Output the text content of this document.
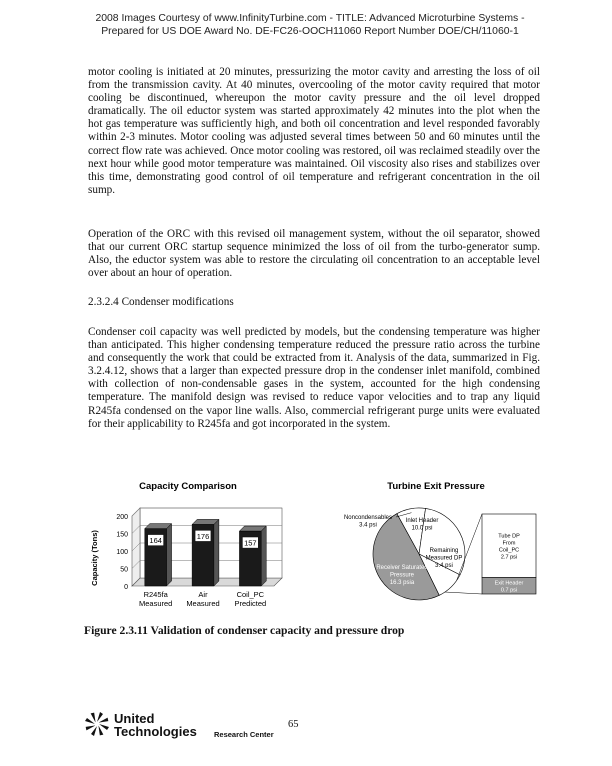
2008 Images Courtesy of www.InfinityTurbine.com - TITLE: Advanced Microturbine Systems -
Prepared for US DOE Award No. DE-FC26-OOCH11060 Report Number DOE/CH/11060-1

motor cooling is initiated at 20 minutes, pressurizing the motor cavity and arresting the loss of oil from the transmission cavity. At 40 minutes, overcooling of the motor cavity required that motor cooling be discontinued, whereupon the motor cavity pressure and the oil level dropped dramatically. The oil eductor system was started approximately 42 minutes into the plot when the hot gas temperature was sufficiently high, and both oil concentration and level responded favorably within 2-3 minutes. Motor cooling was adjusted several times between 50 and 60 minutes until the correct flow rate was achieved. Once motor cooling was restored, oil was reclaimed steadily over the next hour while good motor temperature was maintained. Oil viscosity also rises and stabilizes over this time, demonstrating good control of oil temperature and refrigerant concentration in the oil sump.

Operation of the ORC with this revised oil management system, without the oil separator, showed that our current ORC startup sequence minimized the loss of oil from the turbo-generator sump. Also, the eductor system was able to restore the circulating oil concentration to an acceptable level over about an hour of operation.

2.3.2.4 Condenser modifications

Condenser coil capacity was well predicted by models, but the condensing temperature was higher than anticipated. This higher condensing temperature reduced the pressure ratio across the turbine and consequently the work that could be extracted from it. Analysis of the data, summarized in Fig. 3.2.4.12, shows that a larger than expected pressure drop in the condenser inlet manifold, combined with collection of non-condensable gases in the system, accounted for the high condensing temperature. The manifold design was revised to reduce vapor velocities and to trap any liquid R245fa condensed on the vapor line walls. Also, commercial refrigerant purge units were evaluated for their applicability to R245fa and got incorporated in the system.

Capacity Comparison
Capacity (Tons)
0
50
100
150
200
164	176
157
R245fa
Measured
Air
Measured
Coil_PC
Predicted
Turbine Exit Pressure
Noncondensables
3.4 psi
Inlet Header
10.0 psi
Remaining
Measured DP
3.4 psi
Receiver Saturated
Pressure
16.3 psia
Tube DP
From
Coil_PC
2.7 psi
Exit Header
0.7 psi

Figure 2.3.11 Validation of condenser capacity and pressure drop

United
Technologies Research Center
65
